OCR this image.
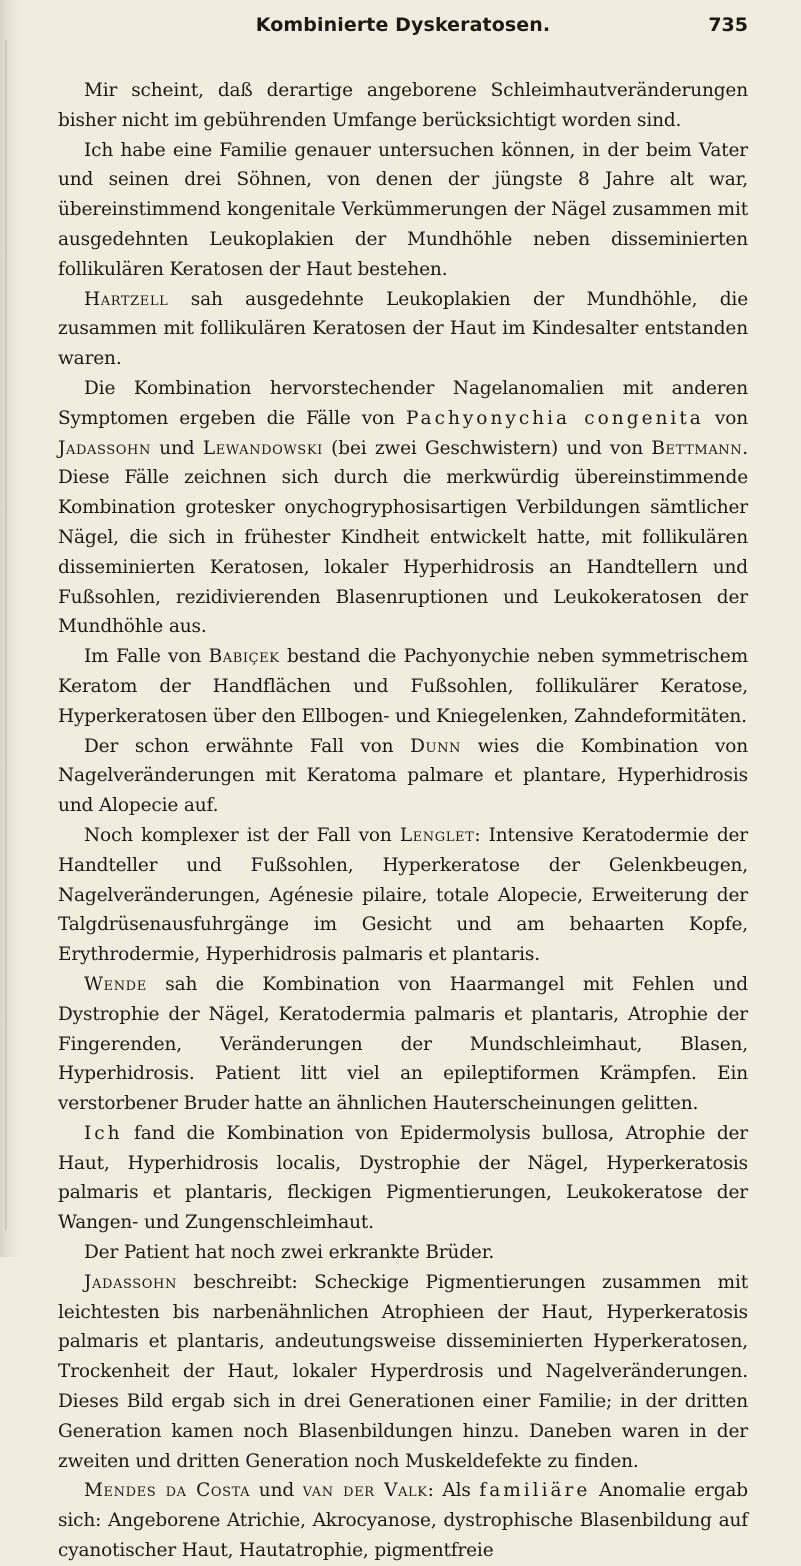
Kombinierte Dyskeratosen.	735

Mir scheint, daß derartige angeborene Schleimhautveränderungen bisher nicht im gebührenden Umfange berücksichtigt worden sind.

Ich habe eine Familie genauer untersuchen können, in der beim Vater und seinen drei Söhnen, von denen der jüngste 8 Jahre alt war, übereinstimmend kongenitale Verkümmerungen der Nägel zusammen mit ausgedehnten Leukoplakien der Mundhöhle neben disseminierten follikulären Keratosen der Haut bestehen.

Hartzell sah ausgedehnte Leukoplakien der Mundhöhle, die zusammen mit follikulären Keratosen der Haut im Kindesalter entstanden waren.

Die Kombination hervorstechender Nagelanomalien mit anderen Symptomen ergeben die Fälle von Pachyonychia congenita von Jadassohn und Lewandowski (bei zwei Geschwistern) und von Bettmann. Diese Fälle zeichnen sich durch die merkwürdig übereinstimmende Kombination grotesker onychogryphosisartigen Verbildungen sämtlicher Nägel, die sich in frühester Kindheit entwickelt hatte, mit follikulären disseminierten Keratosen, lokaler Hyperhidrosis an Handtellern und Fußsohlen, rezidivierenden Blasenruptionen und Leukokeratosen der Mundhöhle aus.

Im Falle von Babiçek bestand die Pachyonychie neben symmetrischem Keratom der Handflächen und Fußsohlen, follikulärer Keratose, Hyperkeratosen über den Ellbogen- und Kniegelenken, Zahndeformitäten.

Der schon erwähnte Fall von Dunn wies die Kombination von Nagelveränderungen mit Keratoma palmare et plantare, Hyperhidrosis und Alopecie auf.

Noch komplexer ist der Fall von Lenglet: Intensive Keratodermie der Handteller und Fußsohlen, Hyperkeratose der Gelenkbeugen, Nagelveränderungen, Agénesie pilaire, totale Alopecie, Erweiterung der Talgdrüsenausfuhrgänge im Gesicht und am behaarten Kopfe, Erythrodermie, Hyperhidrosis palmaris et plantaris.

Wende sah die Kombination von Haarmangel mit Fehlen und Dystrophie der Nägel, Keratodermia palmaris et plantaris, Atrophie der Fingerenden, Veränderungen der Mundschleimhaut, Blasen, Hyperhidrosis. Patient litt viel an epileptiformen Krämpfen. Ein verstorbener Bruder hatte an ähnlichen Hauterscheinungen gelitten.

Ich fand die Kombination von Epidermolysis bullosa, Atrophie der Haut, Hyperhidrosis localis, Dystrophie der Nägel, Hyperkeratosis palmaris et plantaris, fleckigen Pigmentierungen, Leukokeratose der Wangen- und Zungenschleimhaut.

Der Patient hat noch zwei erkrankte Brüder.

Jadassohn beschreibt: Scheckige Pigmentierungen zusammen mit leichtesten bis narbenähnlichen Atrophieen der Haut, Hyperkeratosis palmaris et plantaris, andeutungsweise disseminierten Hyperkeratosen, Trockenheit der Haut, lokaler Hyperdrosis und Nagelveränderungen. Dieses Bild ergab sich in drei Generationen einer Familie; in der dritten Generation kamen noch Blasenbildungen hinzu. Daneben waren in der zweiten und dritten Generation noch Muskeldefekte zu finden.

Mendes da Costa und van der Valk: Als familiäre Anomalie ergab sich: Angeborene Atrichie, Akrocyanose, dystrophische Blasenbildung auf cyanotischer Haut, Hautatrophie, pigmentfreie
